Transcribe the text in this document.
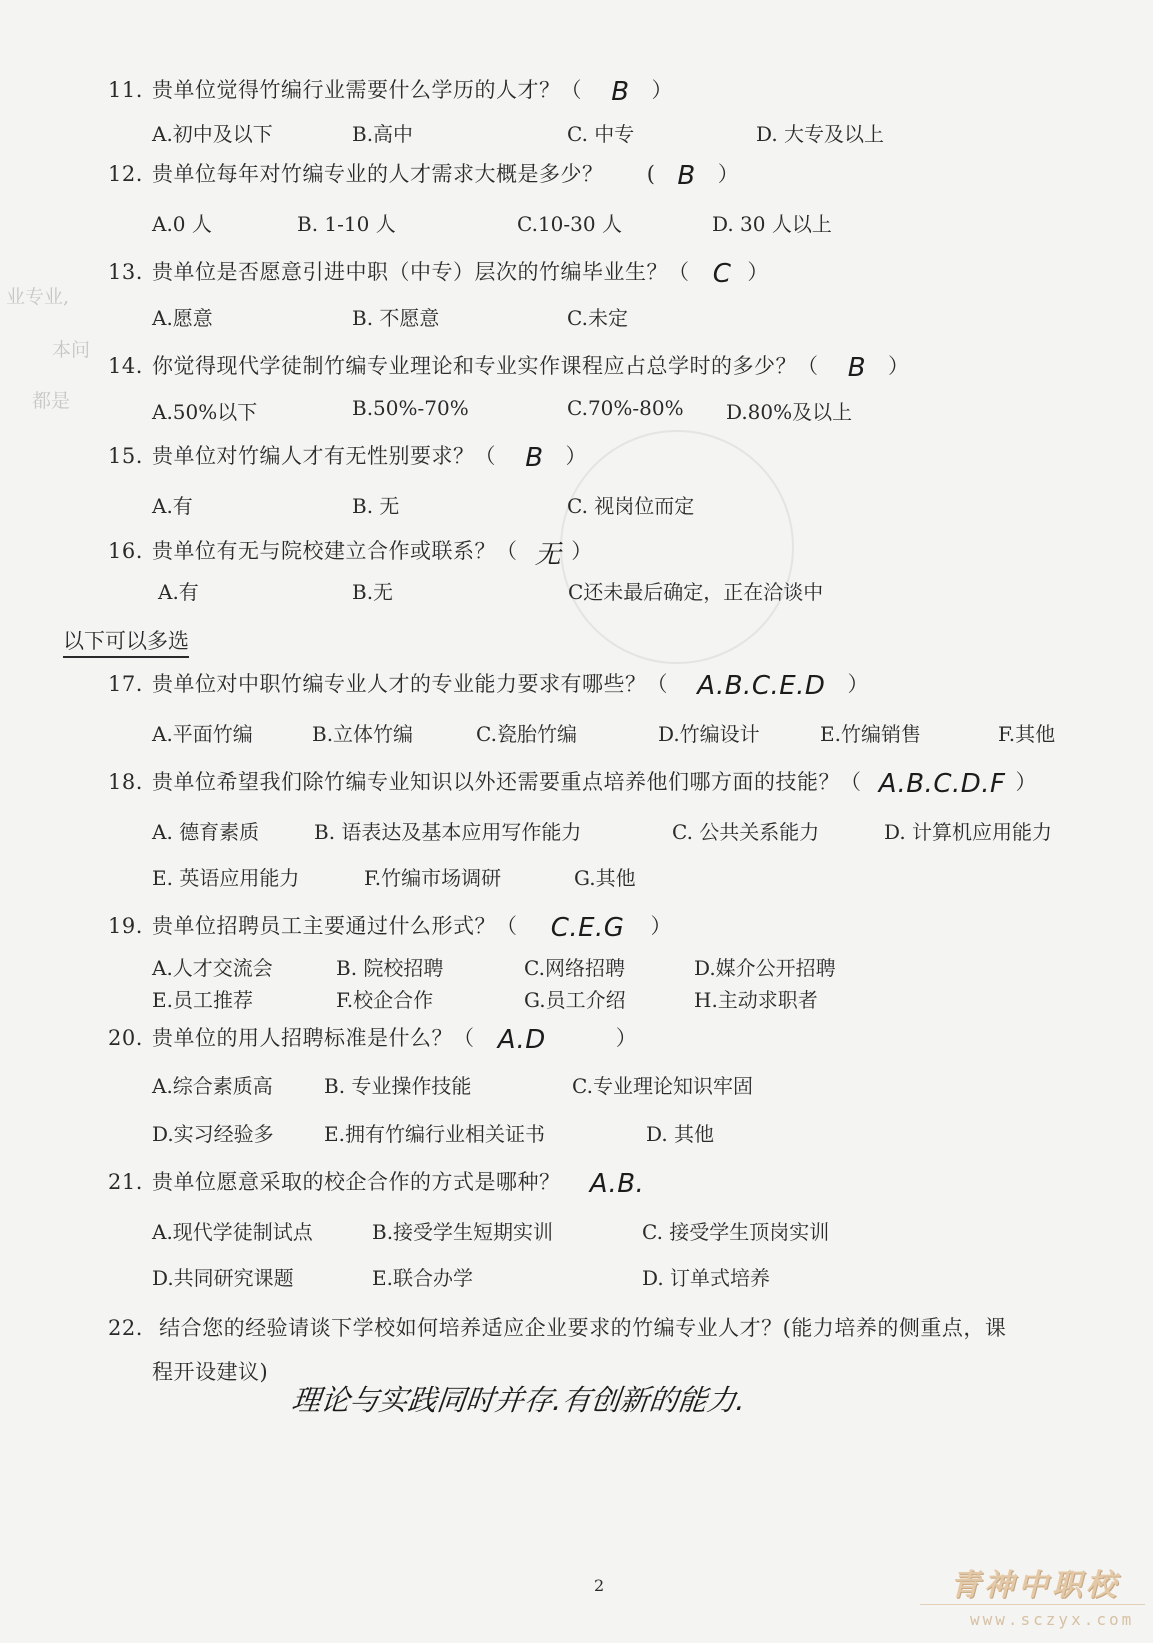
业专业,
本问
都是
11. 贵单位觉得竹编行业需要什么学历的人才？（ B ）
A.初中及以下	B.高中	C. 中专	D. 大专及以上
12. 贵单位每年对竹编专业的人才需求大概是多少？ ( B ）
A.0 人	B. 1-10 人	C.10-30 人	D. 30 人以上
13. 贵单位是否愿意引进中职（中专）层次的竹编毕业生？（ C ）
A.愿意	B. 不愿意	C.未定
14. 你觉得现代学徒制竹编专业理论和专业实作课程应占总学时的多少？（ B ）
A.50%以下	B.50%-70%	C.70%-80% D.80%及以上
15. 贵单位对竹编人才有无性别要求？（ B ）
A.有	B. 无	C. 视岗位而定
16. 贵单位有无与院校建立合作或联系？（ 无 ）
A.有	B.无	C还未最后确定，正在洽谈中
以下可以多选
17. 贵单位对中职竹编专业人才的专业能力要求有哪些？（ A.B.C.E.D ）
A.平面竹编	B.立体竹编	C.瓷胎竹编	D.竹编设计	E.竹编销售	F.其他
18. 贵单位希望我们除竹编专业知识以外还需要重点培养他们哪方面的技能？（ A.B.C.D.F ）
A. 德育素质	B. 语表达及基本应用写作能力	C. 公共关系能力	D. 计算机应用能力
E. 英语应用能力	F.竹编市场调研	G.其他
19. 贵单位招聘员工主要通过什么形式？（ C.E.G ）
A.人才交流会	B. 院校招聘	C.网络招聘	D.媒介公开招聘
E.员工推荐	F.校企合作	G.员工介绍	H.主动求职者
20. 贵单位的用人招聘标准是什么？（ A.D	）
A.综合素质高	B. 专业操作技能	C.专业理论知识牢固
D.实习经验多	E.拥有竹编行业相关证书	D. 其他
21. 贵单位愿意采取的校企合作的方式是哪种？ A.B.
A.现代学徒制试点	B.接受学生短期实训	C. 接受学生顶岗实训
D.共同研究课题	E.联合办学	D. 订单式培养
22. 结合您的经验请谈下学校如何培养适应企业要求的竹编专业人才？(能力培养的侧重点，课
程开设建议)
理论与实践同时并存.有创新的能力.
2	青神中职校
www.sczyx.com
